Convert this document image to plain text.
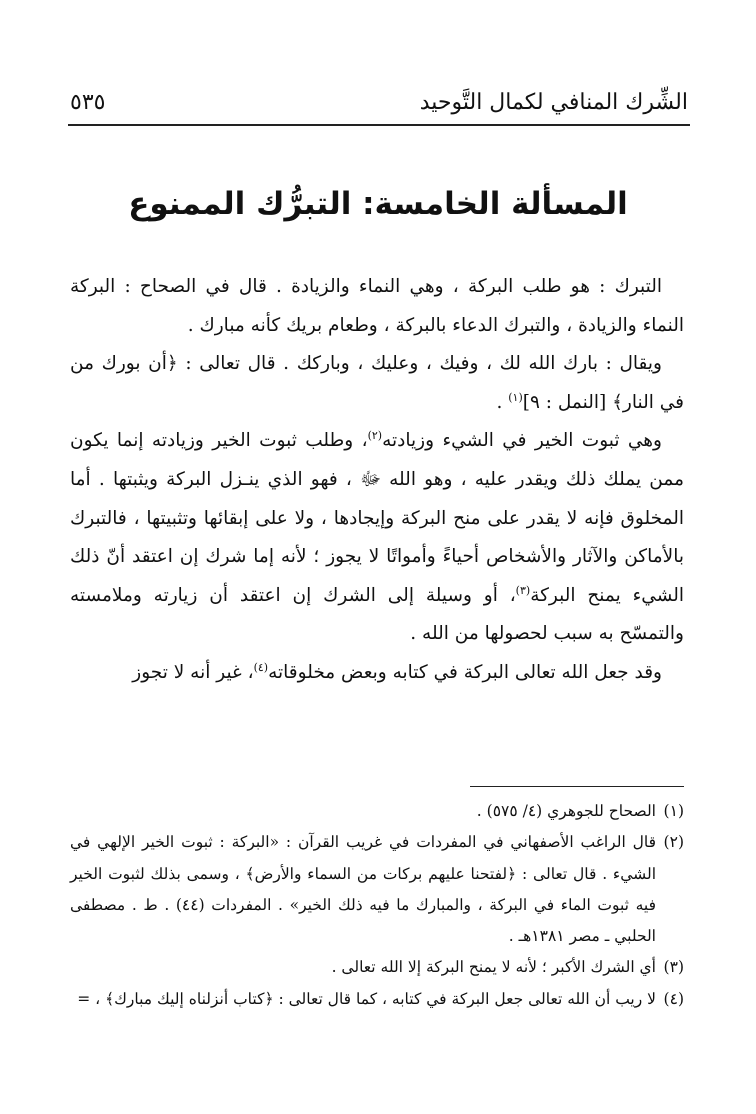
الشِّرك المنافي لكمال التَّوحيد
٥٣٥
المسألة الخامسة: التبرُّك الممنوع

التبرك : هو طلب البركة ، وهي النماء والزيادة . قال في الصحاح : البركة النماء والزيادة ، والتبرك الدعاء بالبركة ، وطعام بريك كأنه مبارك .

ويقال : بارك الله لك ، وفيك ، وعليك ، وباركك . قال تعالى : ﴿أن بورك من في النار﴾ [النمل : ٩]$^{(١)}$ .

وهي ثبوت الخير في الشيء وزيادته$^{(٢)}$، وطلب ثبوت الخير وزيادته إنما يكون ممن يملك ذلك ويقدر عليه ، وهو الله ﷻ ، فهو الذي ينـزل البركة ويثبتها . أما المخلوق فإنه لا يقدر على منح البركة وإيجادها ، ولا على إبقائها وتثبيتها ، فالتبرك بالأماكن والآثار والأشخاص أحياءً وأمواتًا لا يجوز ؛ لأنه إما شرك إن اعتقد أنّ ذلك الشيء يمنح البركة$^{(٣)}$، أو وسيلة إلى الشرك إن اعتقد أن زيارته وملامسته والتمسّح به سبب لحصولها من الله .

وقد جعل الله تعالى البركة في كتابه وبعض مخلوقاته$^{(٤)}$، غير أنه لا تجوز

(١)
الصحاح للجوهري (٤/ ٥٧٥) .

(٢)
قال الراغب الأصفهاني في المفردات في غريب القرآن : «البركة : ثبوت الخير الإلهي في الشيء . قال تعالى : ﴿لفتحنا عليهم بركات من السماء والأرض﴾ ، وسمى بذلك لثبوت الخير فيه ثبوت الماء في البركة ، والمبارك ما فيه ذلك الخير» . المفردات (٤٤) . ط . مصطفى الحلبي ـ مصر ١٣٨١هـ .

(٣)
أي الشرك الأكبر ؛ لأنه لا يمنح البركة إلا الله تعالى .

(٤)
لا ريب أن الله تعالى جعل البركة في كتابه ، كما قال تعالى : ﴿كتاب أنزلناه إليك مبارك﴾ ، =
